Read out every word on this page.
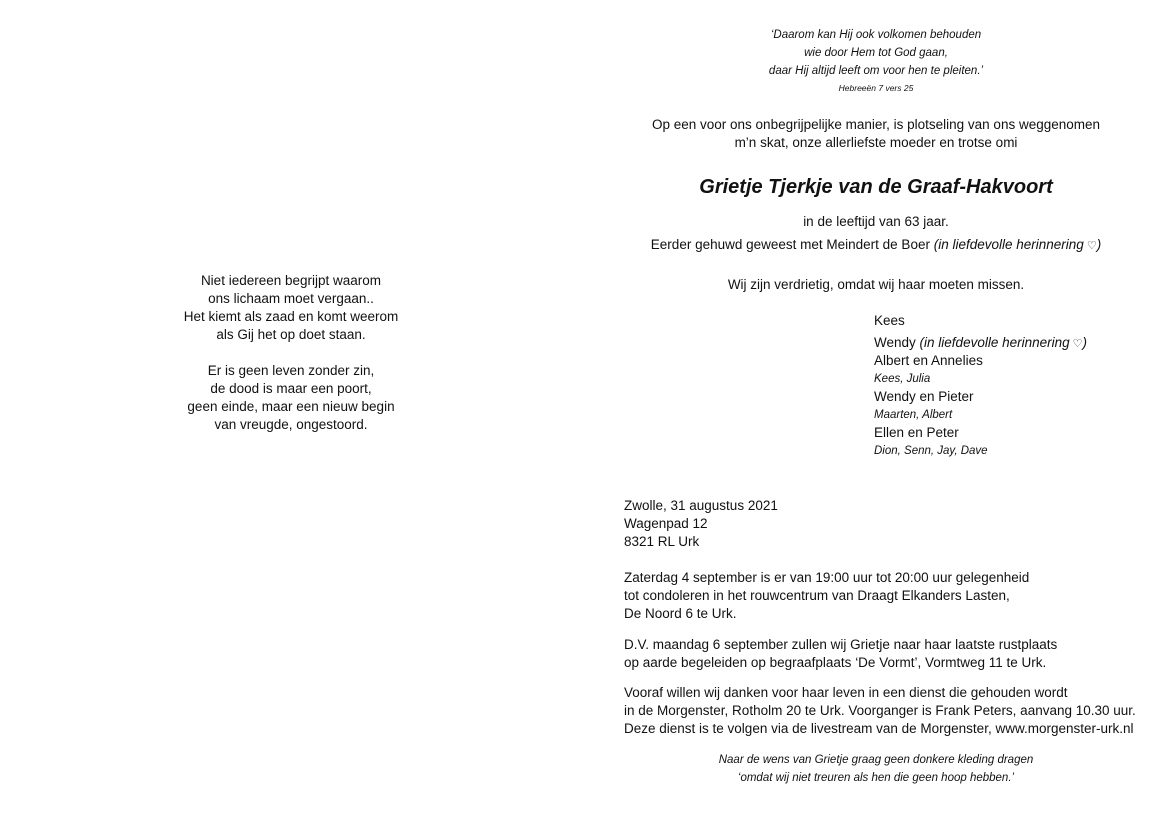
Niet iedereen begrijpt waarom
ons lichaam moet vergaan..
Het kiemt als zaad en komt weerom
als Gij het op doet staan.
Er is geen leven zonder zin,
de dood is maar een poort,
geen einde, maar een nieuw begin
van vreugde, ongestoord.
‘Daarom kan Hij ook volkomen behouden
wie door Hem tot God gaan,
daar Hij altijd leeft om voor hen te pleiten.’
Hebreeën 7 vers 25
Op een voor ons onbegrijpelijke manier, is plotseling van ons weggenomen
m’n skat, onze allerliefste moeder en trotse omi
Grietje Tjerkje van de Graaf-Hakvoort
in de leeftijd van 63 jaar.
Eerder gehuwd geweest met Meindert de Boer (in liefdevolle herinnering ♡)
Wij zijn verdrietig, omdat wij haar moeten missen.
Kees
Wendy (in liefdevolle herinnering ♡)
Albert en Annelies
Kees, Julia
Wendy en Pieter
Maarten, Albert
Ellen en Peter
Dion, Senn, Jay, Dave
Zwolle, 31 augustus 2021
Wagenpad 12
8321 RL Urk
Zaterdag 4 september is er van 19:00 uur tot 20:00 uur gelegenheid
tot condoleren in het rouwcentrum van Draagt Elkanders Lasten,
De Noord 6 te Urk.
D.V. maandag 6 september zullen wij Grietje naar haar laatste rustplaats
op aarde begeleiden op begraafplaats ‘De Vormt’, Vormtweg 11 te Urk.
Vooraf willen wij danken voor haar leven in een dienst die gehouden wordt
in de Morgenster, Rotholm 20 te Urk. Voorganger is Frank Peters, aanvang 10.30 uur.
Deze dienst is te volgen via de livestream van de Morgenster, www.morgenster-urk.nl
Naar de wens van Grietje graag geen donkere kleding dragen
‘omdat wij niet treuren als hen die geen hoop hebben.’
